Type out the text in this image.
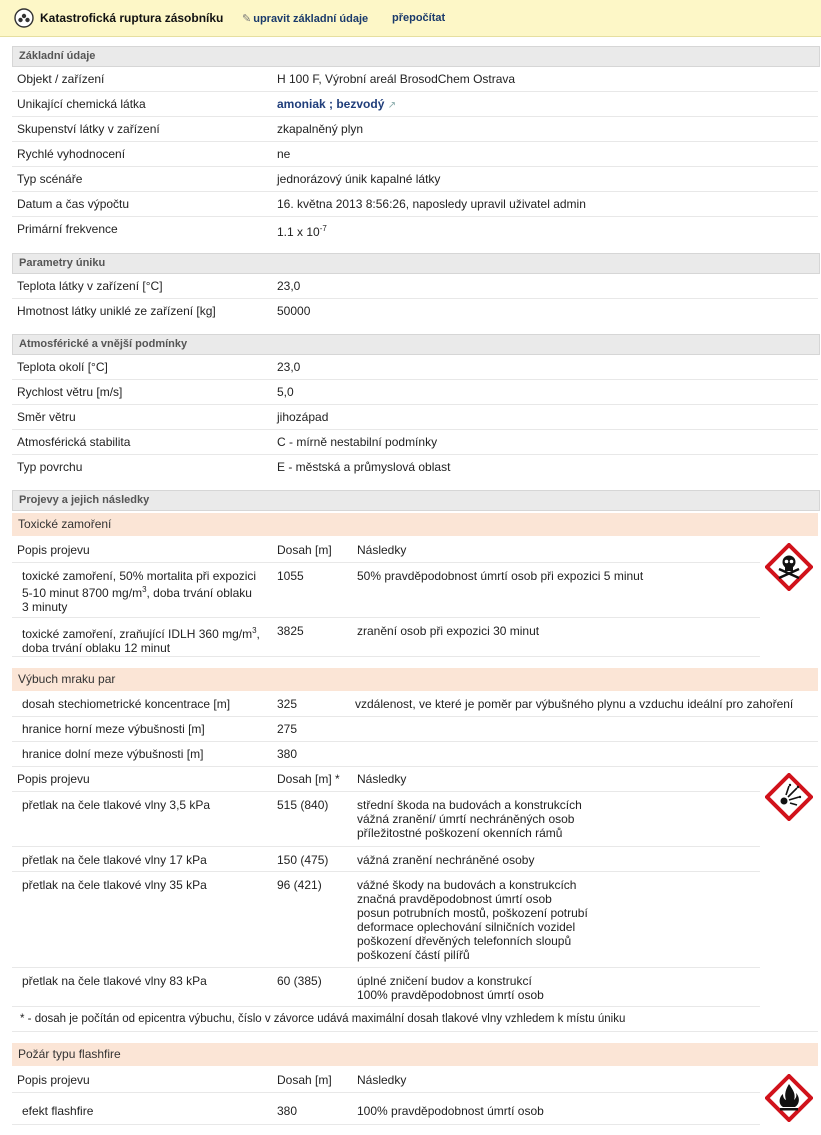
Katastrofická ruptura zásobníku ✎ upravit základní údaje přepočítat
Základní údaje
Objekt / zařízení	H 100 F, Výrobní areál BrosodChem Ostrava
Unikající chemická látka	amoniak ; bezvodý ↗
Skupenství látky v zařízení	zkapalněný plyn
Rychlé vyhodnocení	ne
Typ scénáře	jednorázový únik kapalné látky
Datum a čas výpočtu	16. května 2013 8:56:26, naposledy upravil uživatel admin
Primární frekvence	1.1 x $10^{-7}$
Parametry úniku
Teplota látky v zařízení [°C]	23,0
Hmotnost látky uniklé ze zařízení [kg]	50000
Atmosférické a vnější podmínky
Teplota okolí [°C]	23,0
Rychlost větru [m/s]	5,0
Směr větru	jihozápad
Atmosférická stabilita	C - mírně nestabilní podmínky
Typ povrchu	E - městská a průmyslová oblast
Projevy a jejich následky
Toxické zamoření
Popis projevu	Dosah [m] Následky
toxické zamoření, 50% mortalita při expozici
5-10 minut 8700 $mg/m^3$, doba trvání oblaku
3 minuty
1055	50% pravděpodobnost úmrtí osob při expozici 5 minut
toxické zamoření, zraňující IDLH 360 $mg/m^3$,
doba trvání oblaku 12 minut
3825	zranění osob při expozici 30 minut
Výbuch mraku par
dosah stechiometrické koncentrace [m]	325	vzdálenost, ve které je poměr par výbušného plynu a vzduchu ideální pro zahoření
hranice horní meze výbušnosti [m]	275
hranice dolní meze výbušnosti [m]	380
Popis projevu	Dosah [m] * Následky
přetlak na čele tlakové vlny 3,5 kPa	515 (840) střední škoda na budovách a konstrukcích
vážná zranění/ úmrtí nechráněných osob
příležitostné poškození okenních rámů
přetlak na čele tlakové vlny 17 kPa	150 (475) vážná zranění nechráněné osoby
přetlak na čele tlakové vlny 35 kPa	96 (421)	vážné škody na budovách a konstrukcích
značná pravděpodobnost úmrtí osob
posun potrubních mostů, poškození potrubí
deformace oplechování silničních vozidel
poškození dřevěných telefonních sloupů
poškození částí pilířů
přetlak na čele tlakové vlny 83 kPa	60 (385)	úplné zničení budov a konstrukcí
100% pravděpodobnost úmrtí osob
* - dosah je počítán od epicentra výbuchu, číslo v závorce udává maximální dosah tlakové vlny vzhledem k místu úniku
Požár typu flashfire
Popis projevu	Dosah [m] Následky
efekt flashfire	380	100% pravděpodobnost úmrtí osob
